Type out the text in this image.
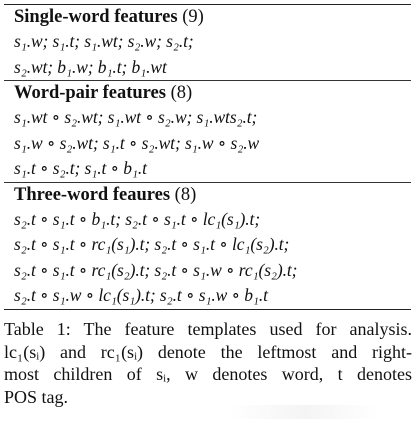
Single-word features (9)
s₁.w; s₁.t; s₁.wt; s₂.w; s₂.t;
s₂.wt; b₁.w; b₁.t; b₁.wt
Word-pair features (8)
s₁.wt ∘ s₂.wt; s₁.wt ∘ s₂.w; s₁.wts₂.t;
s₁.w ∘ s₂.wt; s₁.t ∘ s₂.wt; s₁.w ∘ s₂.w
s₁.t ∘ s₂.t; s₁.t ∘ b₁.t
Three-word feaures (8)
s₂.t ∘ s₁.t ∘ b₁.t; s₂.t ∘ s₁.t ∘ lc₁(s₁).t;
s₂.t ∘ s₁.t ∘ rc₁(s₁).t; s₂.t ∘ s₁.t ∘ lc₁(s₂).t;
s₂.t ∘ s₁.t ∘ rc₁(s₂).t; s₂.t ∘ s₁.w ∘ rc₁(s₂).t;
s₂.t ∘ s₁.w ∘ lc₁(s₁).t; s₂.t ∘ s₁.w ∘ b₁.t
Table 1: The feature templates used for analysis.
lc₁(sᵢ) and rc₁(sᵢ) denote the leftmost and right-
most children of sᵢ, w denotes word, t denotes
POS tag.
